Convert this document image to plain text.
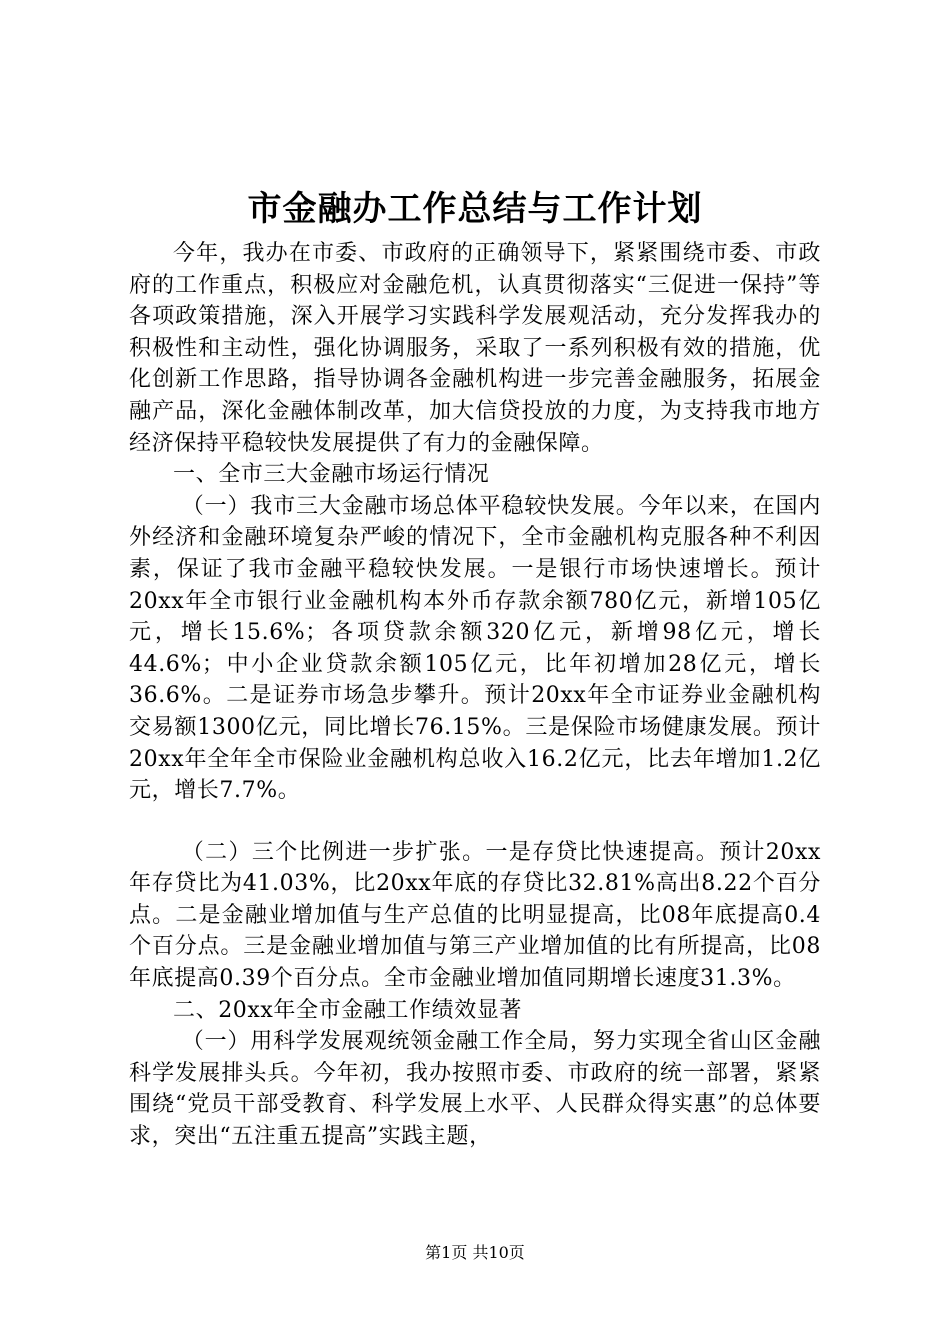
市金融办工作总结与工作计划

今年，我办在市委、市政府的正确领导下，紧紧围绕市委、市政府的工作重点，积极应对金融危机，认真贯彻落实“三促进一保持”等各项政策措施，深入开展学习实践科学发展观活动，充分发挥我办的积极性和主动性，强化协调服务，采取了一系列积极有效的措施，优化创新工作思路，指导协调各金融机构进一步完善金融服务，拓展金融产品，深化金融体制改革，加大信贷投放的力度，为支持我市地方经济保持平稳较快发展提供了有力的金融保障。

一、全市三大金融市场运行情况

（一）我市三大金融市场总体平稳较快发展。今年以来，在国内外经济和金融环境复杂严峻的情况下，全市金融机构克服各种不利因素，保证了我市金融平稳较快发展。一是银行市场快速增长。预计20xx年全市银行业金融机构本外币存款余额780亿元，新增105亿元，增长15.6%；各项贷款余额320亿元，新增98亿元，增长44.6%；中小企业贷款余额105亿元，比年初增加28亿元，增长36.6%。二是证券市场急步攀升。预计20xx年全市证券业金融机构交易额1300亿元，同比增长76.15%。三是保险市场健康发展。预计20xx年全年全市保险业金融机构总收入16.2亿元，比去年增加1.2亿元，增长7.7%。

（二）三个比例进一步扩张。一是存贷比快速提高。预计20xx年存贷比为41.03%，比20xx年底的存贷比32.81%高出8.22个百分点。二是金融业增加值与生产总值的比明显提高，比08年底提高0.4个百分点。三是金融业增加值与第三产业增加值的比有所提高，比08年底提高0.39个百分点。全市金融业增加值同期增长速度31.3%。

二、20xx年全市金融工作绩效显著

（一）用科学发展观统领金融工作全局，努力实现全省山区金融科学发展排头兵。今年初，我办按照市委、市政府的统一部署，紧紧围绕“党员干部受教育、科学发展上水平、人民群众得实惠”的总体要求，突出“五注重五提高”实践主题，

第1页 共10页
